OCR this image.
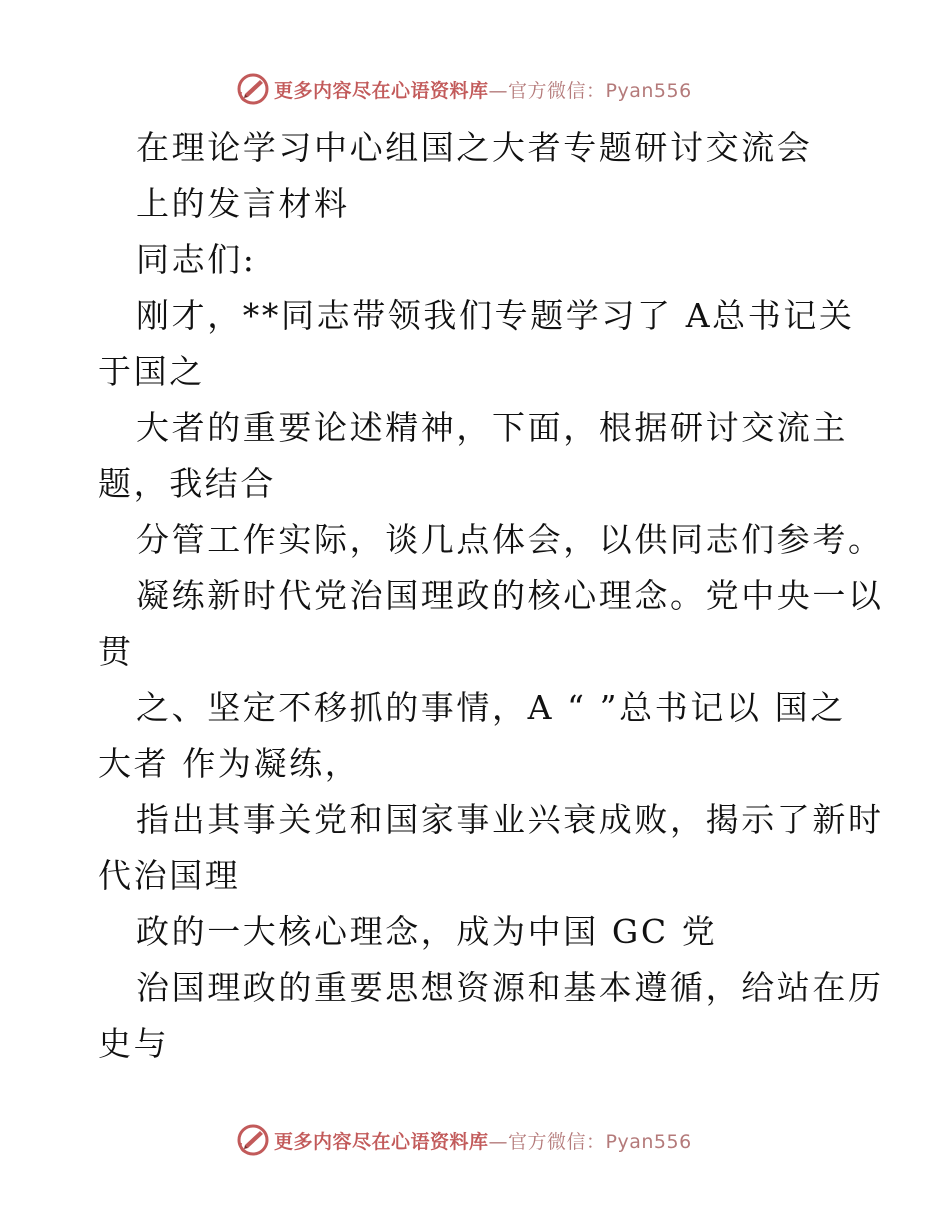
更多内容尽在心语资料库—官方微信：Pyan556
在理论学习中心组国之大者专题研讨交流会
上的发言材料
同志们:
刚才，**同志带领我们专题学习了 A总书记关
于国之
大者的重要论述精神，下面，根据研讨交流主
题，我结合
分管工作实际，谈几点体会，以供同志们参考。
凝练新时代党治国理政的核心理念。党中央一以
贯
之、坚定不移抓的事情，A “ ”总书记以 国之
大者 作为凝练，
指出其事关党和国家事业兴衰成败，揭示了新时
代治国理
政的一大核心理念，成为中国 GC 党
治国理政的重要思想资源和基本遵循，给站在历
史与
更多内容尽在心语资料库—官方微信：Pyan556
